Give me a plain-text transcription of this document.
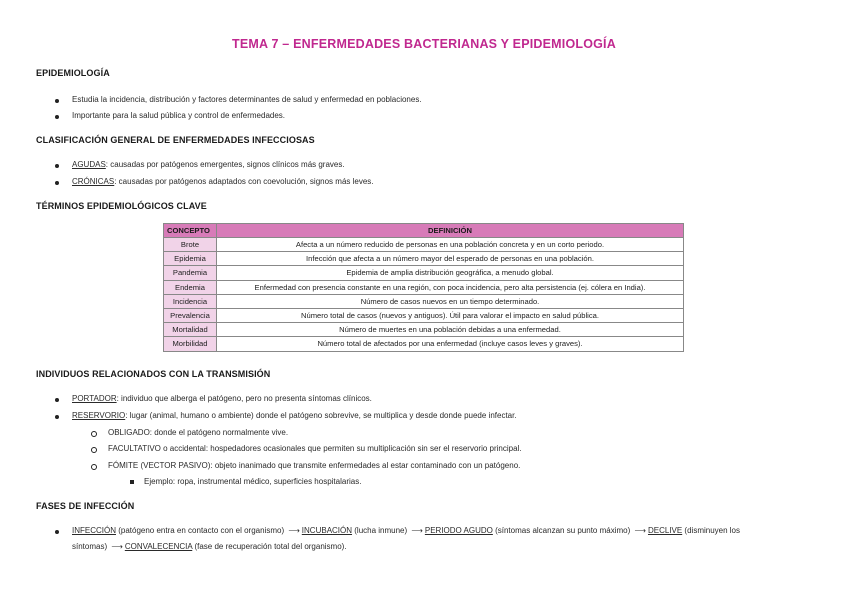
TEMA 7 – ENFERMEDADES BACTERIANAS Y EPIDEMIOLOGÍA
EPIDEMIOLOGÍA
Estudia la incidencia, distribución y factores determinantes de salud y enfermedad en poblaciones.
Importante para la salud pública y control de enfermedades.
CLASIFICACIÓN GENERAL DE ENFERMEDADES INFECCIOSAS
AGUDAS: causadas por patógenos emergentes, signos clínicos más graves.
CRÓNICAS: causadas por patógenos adaptados con coevolución, signos más leves.
TÉRMINOS EPIDEMIOLÓGICOS CLAVE
CONCEPTO	DEFINICIÓN
Brote	Afecta a un número reducido de personas en una población concreta y en un corto periodo.
Epidemia	Infección que afecta a un número mayor del esperado de personas en una población.
Pandemia	Epidemia de amplia distribución geográfica, a menudo global.
Endemia	Enfermedad con presencia constante en una región, con poca incidencia, pero alta persistencia (ej. cólera en India).
Incidencia	Número de casos nuevos en un tiempo determinado.
Prevalencia	Número total de casos (nuevos y antiguos). Útil para valorar el impacto en salud pública.
Mortalidad	Número de muertes en una población debidas a una enfermedad.
Morbilidad	Número total de afectados por una enfermedad (incluye casos leves y graves).
INDIVIDUOS RELACIONADOS CON LA TRANSMISIÓN
PORTADOR: individuo que alberga el patógeno, pero no presenta síntomas clínicos.
RESERVORIO: lugar (animal, humano o ambiente) donde el patógeno sobrevive, se multiplica y desde donde puede infectar.
OBLIGADO: donde el patógeno normalmente vive.
FACULTATIVO o accidental: hospedadores ocasionales que permiten su multiplicación sin ser el reservorio principal.
FÓMITE (VECTOR PASIVO): objeto inanimado que transmite enfermedades al estar contaminado con un patógeno.
Ejemplo: ropa, instrumental médico, superficies hospitalarias.
FASES DE INFECCIÓN
INFECCIÓN (patógeno entra en contacto con el organismo) ⟶ INCUBACIÓN (lucha inmune) ⟶ PERIODO AGUDO (síntomas alcanzan su punto máximo) ⟶ DECLIVE (disminuyen los
síntomas) ⟶ CONVALECENCIA (fase de recuperación total del organismo).
